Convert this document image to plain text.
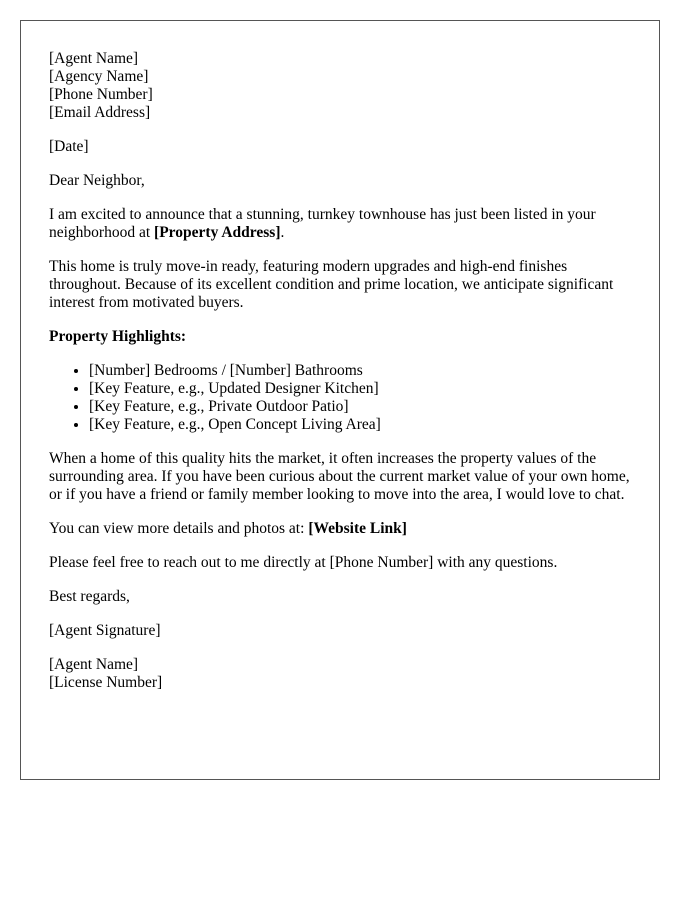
[Agent Name]
[Agency Name]
[Phone Number]
[Email Address]

[Date]

Dear Neighbor,

I am excited to announce that a stunning, turnkey townhouse has just been listed in your neighborhood at [Property Address].

This home is truly move-in ready, featuring modern upgrades and high-end finishes throughout. Because of its excellent condition and prime location, we anticipate significant interest from motivated buyers.

Property Highlights:

• [Number] Bedrooms / [Number] Bathrooms
• [Key Feature, e.g., Updated Designer Kitchen]
• [Key Feature, e.g., Private Outdoor Patio]
• [Key Feature, e.g., Open Concept Living Area]

When a home of this quality hits the market, it often increases the property values of the surrounding area. If you have been curious about the current market value of your own home, or if you have a friend or family member looking to move into the area, I would love to chat.

You can view more details and photos at: [Website Link]

Please feel free to reach out to me directly at [Phone Number] with any questions.

Best regards,

[Agent Signature]

[Agent Name]
[License Number]
